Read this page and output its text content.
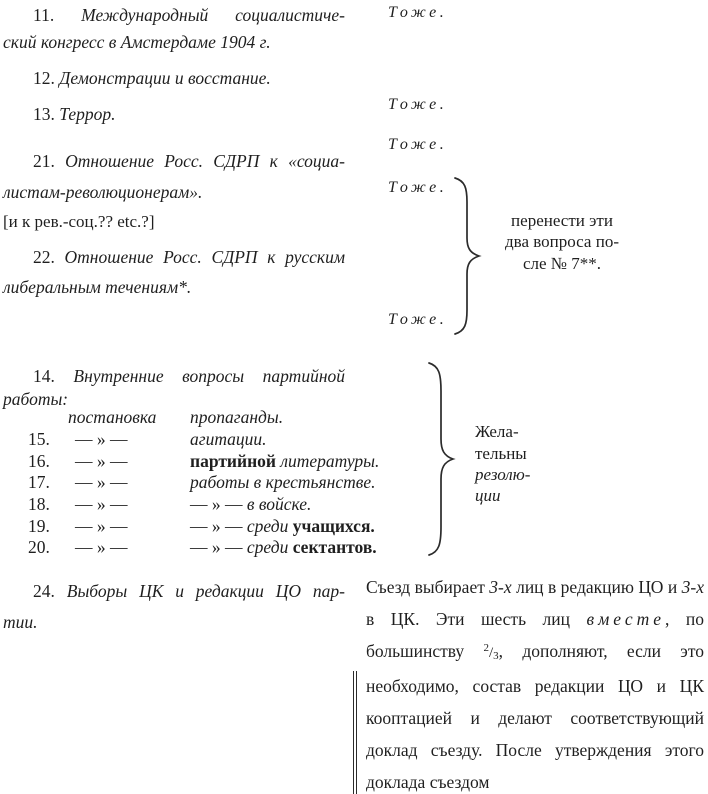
Тоже.
Тоже.
Тоже.
Тоже.
Тоже.
11. Международный социалистиче-
ский конгресс в Амстердаме 1904 г.
12. Демонстрации и восстание.
13. Террор.
21. Отношение Росс. СДРП к «социа-
листам-революционерам».
[и к рев.-соц.?? etc.?]
22. Отношение Росс. СДРП к русским
либеральным течениям*.
перенести эти
два вопроса по-
сле № 7**.
14. Внутренние вопросы партийной
работы:
постановка пропаганды.
15. — » —	агитации.
16. — » —	партийной литературы.
17. — » —	работы в крестьянстве.
18. — » —	— » — в войске.
19. — » —	— » — среди учащихся.
20. — » —	— » — среди сектантов.
Жела-
тельны
резолю-
ции
24. Выборы ЦК и редакции ЦО пар-
тии.
Съезд выбирает 3-х лиц в редакцию ЦО и 3-х в ЦК. Эти шесть лиц вместе, по большинству $^2$/3, дополняют, если это необходимо, состав редакции ЦО и ЦК кооптацией и делают соответствующий доклад съезду. После утверждения этого доклада съездом
